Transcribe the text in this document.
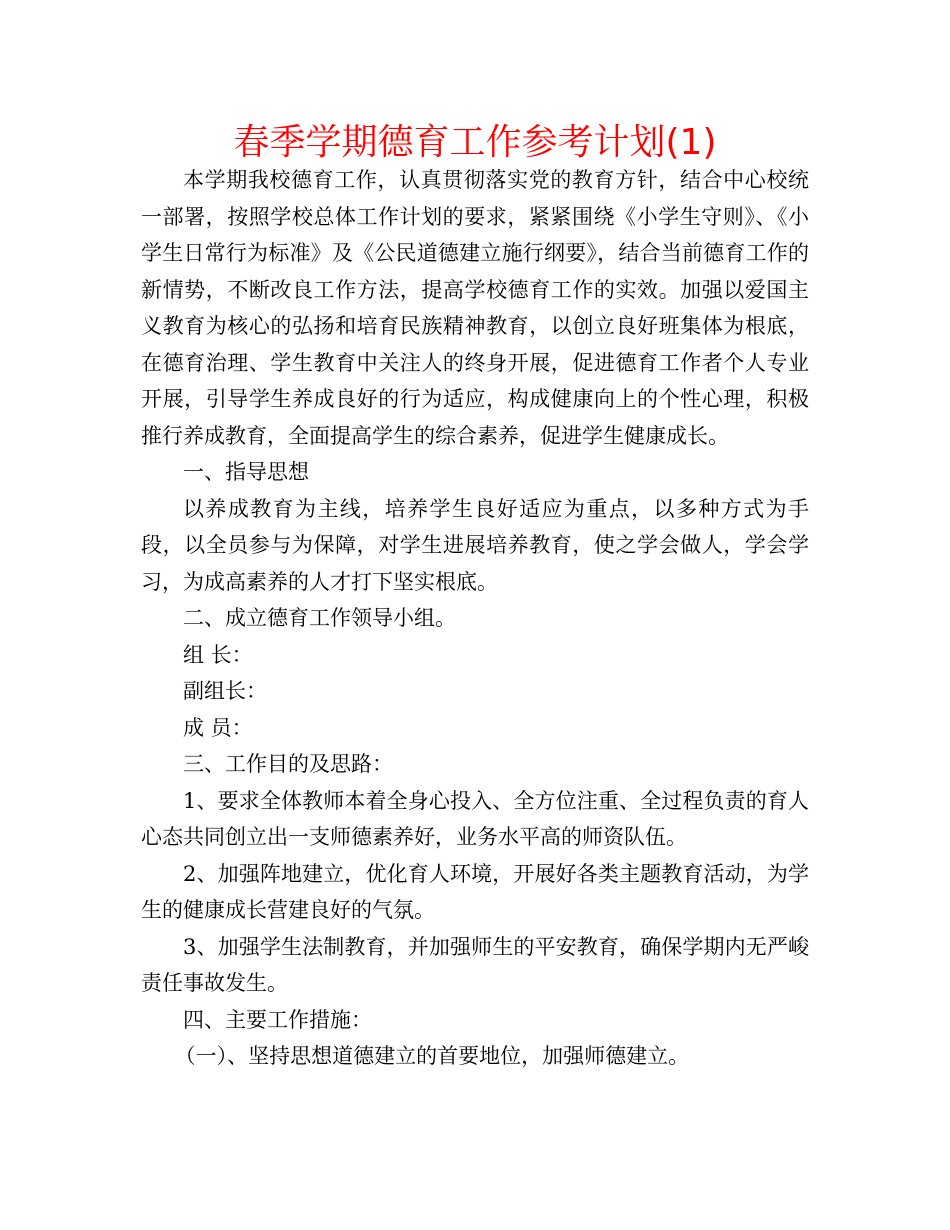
春季学期德育工作参考计划(1)

本学期我校德育工作，认真贯彻落实党的教育方针，结合中心校统一部署，按照学校总体工作计划的要求，紧紧围绕《小学生守则》、《小学生日常行为标准》及《公民道德建立施行纲要》，结合当前德育工作的新情势，不断改良工作方法，提高学校德育工作的实效。加强以爱国主义教育为核心的弘扬和培育民族精神教育，以创立良好班集体为根底，在德育治理、学生教育中关注人的终身开展，促进德育工作者个人专业开展，引导学生养成良好的行为适应，构成健康向上的个性心理，积极推行养成教育，全面提高学生的综合素养，促进学生健康成长。

一、指导思想

以养成教育为主线，培养学生良好适应为重点，以多种方式为手段，以全员参与为保障，对学生进展培养教育，使之学会做人，学会学习，为成高素养的人才打下坚实根底。

二、成立德育工作领导小组。

组 长：

副组长：

成 员：

三、工作目的及思路：

1、要求全体教师本着全身心投入、全方位注重、全过程负责的育人心态共同创立出一支师德素养好，业务水平高的师资队伍。

2、加强阵地建立，优化育人环境，开展好各类主题教育活动，为学生的健康成长营建良好的气氛。

3、加强学生法制教育，并加强师生的平安教育，确保学期内无严峻责任事故发生。

四、主要工作措施：

（一）、坚持思想道德建立的首要地位，加强师德建立。
